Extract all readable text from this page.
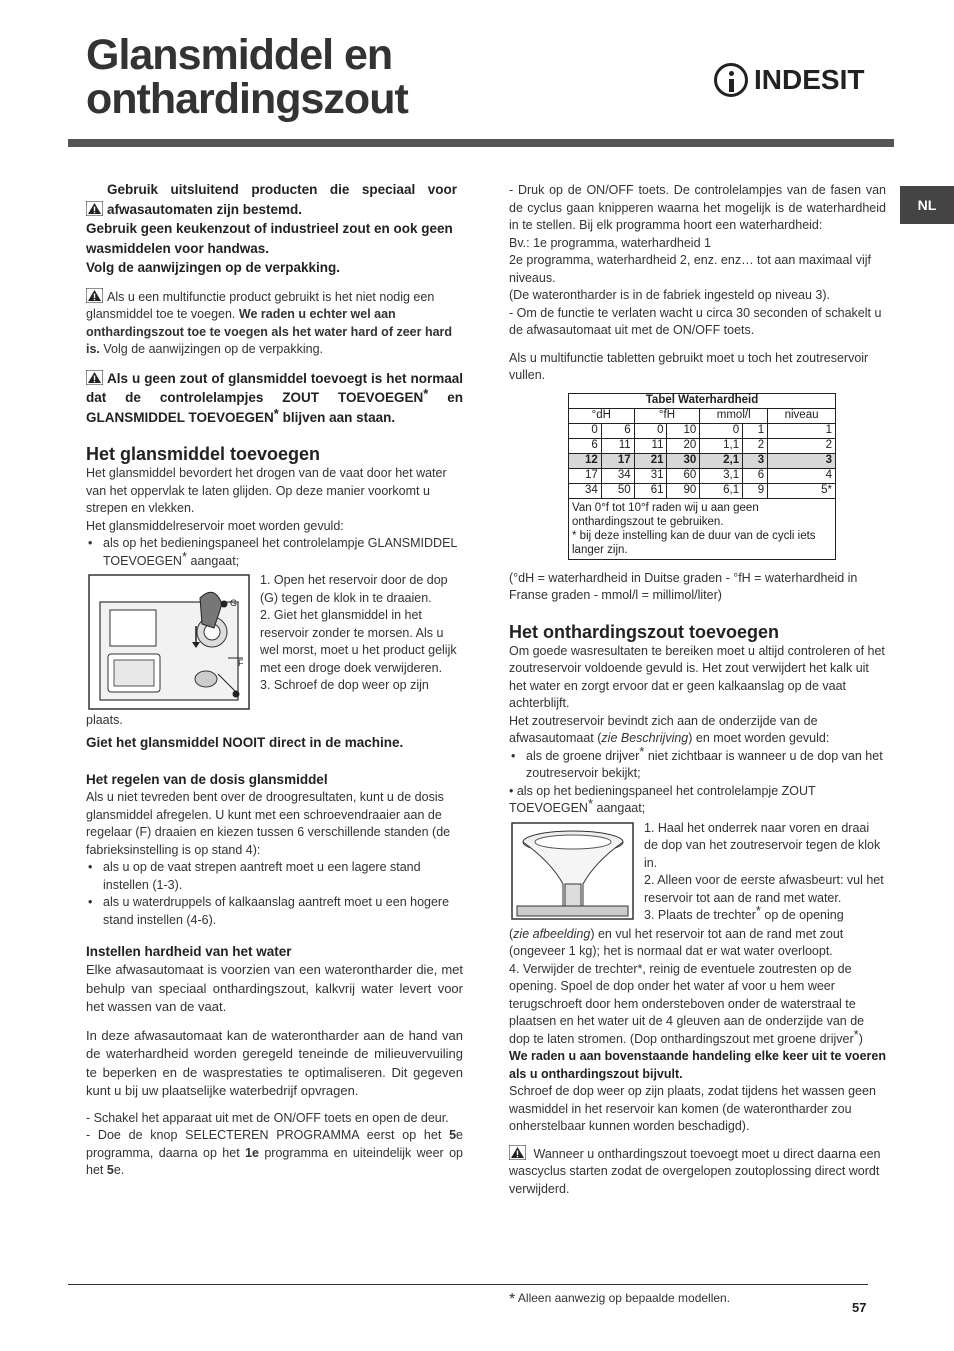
Glansmiddel en
onthardingszout	INDESIT
NL
Gebruik uitsluitend producten die speciaal voor afwasautomaten zijn bestemd.
Gebruik geen keukenzout of industrieel zout en ook geen wasmiddelen voor handwas.
Volg de aanwijzingen op de verpakking.

Als u een multifunctie product gebruikt is het niet nodig een glansmiddel toe te voegen. We raden u echter wel aan onthardingszout toe te voegen als het water hard of zeer hard is. Volg de aanwijzingen op de verpakking.

Als u geen zout of glansmiddel toevoegt is het normaal dat de controlelampjes ZOUT TOEVOEGEN* en GLANSMIDDEL TOEVOEGEN* blijven aan staan.
Het glansmiddel toevoegen

Het glansmiddel bevordert het drogen van de vaat door het water van het oppervlak te laten glijden. Op deze manier voorkomt u strepen en vlekken.

Het glansmiddelreservoir moet worden gevuld:

• als op het bedieningspaneel het controlelampje GLANSMIDDEL TOEVOEGEN* aangaat;

G
F

1. Open het reservoir door de dop (G) tegen de klok in te draaien.

2. Giet het glansmiddel in het reservoir zonder te morsen. Als u wel morst, moet u het product gelijk met een droge doek verwijderen.

3. Schroef de dop weer op zijn

plaats.

Giet het glansmiddel NOOIT direct in de machine.

Het regelen van de dosis glansmiddel

Als u niet tevreden bent over de droogresultaten, kunt u de dosis glansmiddel afregelen. U kunt met een schroevendraaier aan de regelaar (F) draaien en kiezen tussen 6 verschillende standen (de fabrieksinstelling is op stand 4):

• als u op de vaat strepen aantreft moet u een lagere stand instellen (1-3).

• als u waterdruppels of kalkaanslag aantreft moet u een hogere stand instellen (4-6).

Instellen hardheid van het water

Elke afwasautomaat is voorzien van een waterontharder die, met behulp van speciaal onthardingszout, kalkvrij water levert voor het wassen van de vaat.

In deze afwasautomaat kan de waterontharder aan de hand van de waterhardheid worden geregeld teneinde de milieuvervuiling te beperken en de wasprestaties te optimaliseren. Dit gegeven kunt u bij uw plaatselijke waterbedrijf opvragen.

- Schakel het apparaat uit met de ON/OFF toets en open de deur.

- Doe de knop SELECTEREN PROGRAMMA eerst op het 5e programma, daarna op het 1e programma en uiteindelijk weer op het 5e.

- Druk op de ON/OFF toets. De controlelampjes van de fasen van de cyclus gaan knipperen waarna het mogelijk is de waterhardheid in te stellen. Bij elk programma hoort een waterhardheid:

Bv.: 1e programma, waterhardheid 1

2e programma, waterhardheid 2, enz. enz… tot aan maximaal vijf niveaus.

(De waterontharder is in de fabriek ingesteld op niveau 3).

- Om de functie te verlaten wacht u circa 30 seconden of schakelt u de afwasautomaat uit met de ON/OFF toets.

Als u multifunctie tabletten gebruikt moet u toch het zoutreservoir vullen.

Tabel Waterhardheid						
°dH		°fH		mmol/l		niveau
0	6	0	10	0	1	1
6	11	11	20	1,1	2	2
12	17	21	30	2,1	3	3
17	34	31	60	3,1	6	4
34	50	61	90	6,1	9	5*

Van 0°f tot 10°f raden wij u aan geen onthardingszout te gebruiken.
* bij deze instelling kan de duur van de cycli iets langer zijn.						

(°dH = waterhardheid in Duitse graden - °fH = waterhardheid in Franse graden - mmol/l = millimol/liter)

Het onthardingszout toevoegen

Om goede wasresultaten te bereiken moet u altijd controleren of het zoutreservoir voldoende gevuld is. Het zout verwijdert het kalk uit het water en zorgt ervoor dat er geen kalkaanslag op de vaat achterblijft.

Het zoutreservoir bevindt zich aan de onderzijde van de afwasautomaat (zie Beschrijving) en moet worden gevuld:

• als de groene drijver* niet zichtbaar is wanneer u de dop van het zoutreservoir bekijkt;

• als op het bedieningspaneel het controlelampje ZOUT TOEVOEGEN* aangaat;

1. Haal het onderrek naar voren en draai de dop van het zoutreservoir tegen de klok in.

2. Alleen voor de eerste afwasbeurt: vul het reservoir tot aan de rand met water.

3. Plaats de trechter* op de opening

(zie afbeelding) en vul het reservoir tot aan de rand met zout (ongeveer 1 kg); het is normaal dat er wat water overloopt.

4. Verwijder de trechter*, reinig de eventuele zoutresten op de opening. Spoel de dop onder het water af voor u hem weer terugschroeft door hem ondersteboven onder de waterstraal te plaatsen en het water uit de 4 gleuven aan de onderzijde van de dop te laten stromen. (Dop onthardingszout met groene drijver*)

We raden u aan bovenstaande handeling elke keer uit te voeren als u onthardingszout bijvult.

Schroef de dop weer op zijn plaats, zodat tijdens het wassen geen wasmiddel in het reservoir kan komen (de waterontharder zou onherstelbaar kunnen worden beschadigd).

Wanneer u onthardingszout toevoegt moet u direct daarna een wascyclus starten zodat de overgelopen zoutoplossing direct wordt verwijderd.

* Alleen aanwezig op bepaalde modellen.
57
